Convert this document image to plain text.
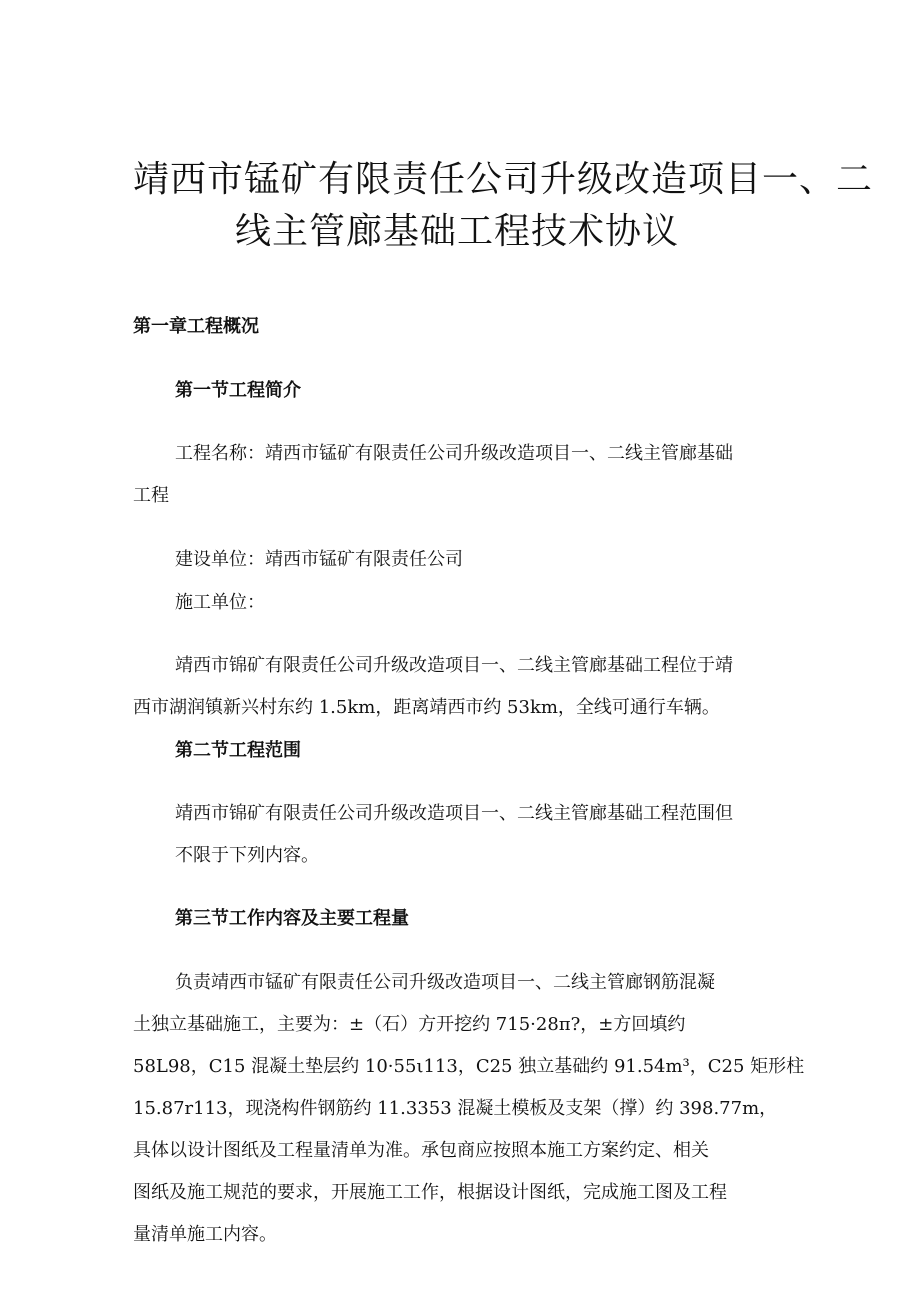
靖西市锰矿有限责任公司升级改造项目一、二
线主管廊基础工程技术协议
第一章工程概况
第一节工程简介

工程名称：靖西市锰矿有限责任公司升级改造项目一、二线主管廊基础

工程

建设单位：靖西市锰矿有限责任公司

施工单位：

靖西市锦矿有限责任公司升级改造项目一、二线主管廊基础工程位于靖

西市湖润镇新兴村东约 1.5km，距离靖西市约 53km，全线可通行车辆。

第二节工程范围

靖西市锦矿有限责任公司升级改造项目一、二线主管廊基础工程范围但

不限于下列内容。

第三节工作内容及主要工程量

负责靖西市锰矿有限责任公司升级改造项目一、二线主管廊钢筋混凝

土独立基础施工，主要为：±（石）方开挖约 715·28π?，±方回填约

58L98，C15 混凝土垫层约 10·55ι113，C25 独立基础约 91.54m³，C25 矩形柱

15.87r113，现浇构件钢筋约 11.3353 混凝土模板及支架（撑）约 398.77m，

具体以设计图纸及工程量清单为准。承包商应按照本施工方案约定、相关

图纸及施工规范的要求，开展施工工作，根据设计图纸，完成施工图及工程

量清单施工内容。
